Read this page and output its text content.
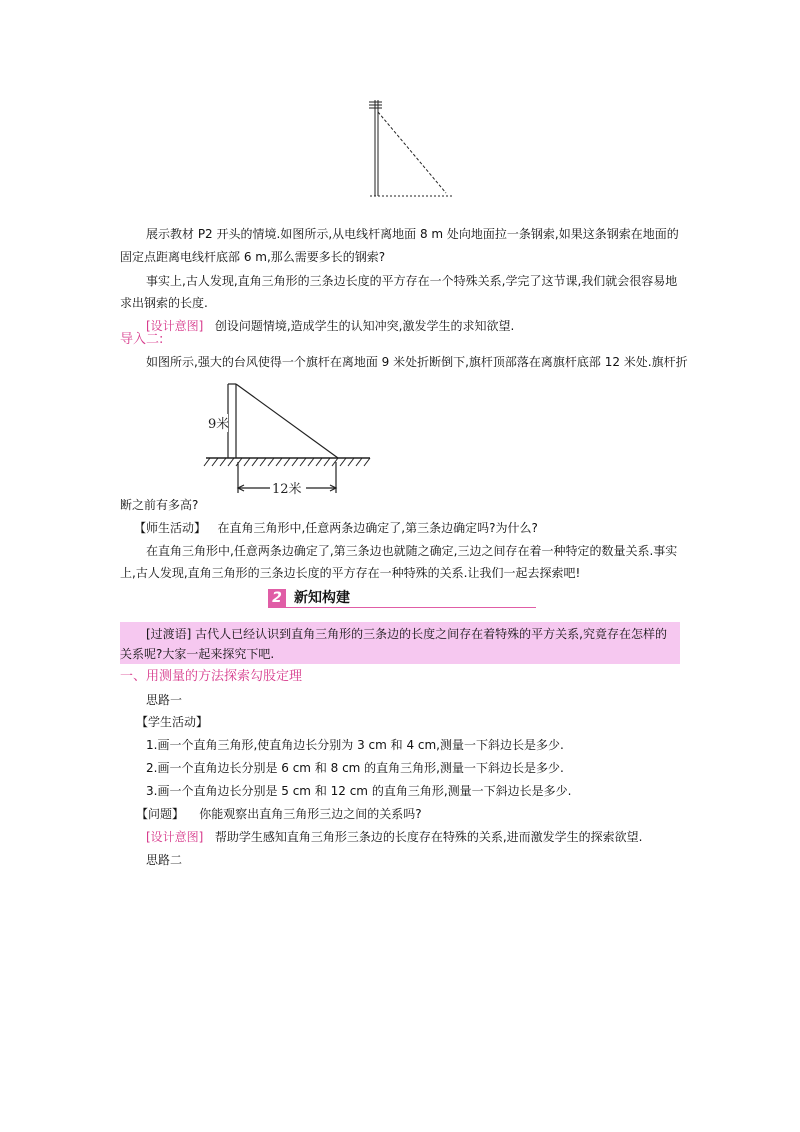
展示教材 P2 开头的情境.如图所示,从电线杆离地面 8 m 处向地面拉一条钢索,如果这条钢索在地面的
固定点距离电线杆底部 6 m,那么需要多长的钢索?
事实上,古人发现,直角三角形的三条边长度的平方存在一个特殊关系,学完了这节课,我们就会很容易地
求出钢索的长度.
[设计意图] 创设问题情境,造成学生的认知冲突,激发学生的求知欲望.
导入二:
如图所示,强大的台风使得一个旗杆在离地面 9 米处折断倒下,旗杆顶部落在离旗杆底部 12 米处.旗杆折
9米
12米
断之前有多高?
【师生活动】 在直角三角形中,任意两条边确定了,第三条边确定吗?为什么?
在直角三角形中,任意两条边确定了,第三条边也就随之确定,三边之间存在着一种特定的数量关系.事实
上,古人发现,直角三角形的三条边长度的平方存在一种特殊的关系.让我们一起去探索吧!
2 新知构建
[过渡语] 古代人已经认识到直角三角形的三条边的长度之间存在着特殊的平方关系,究竟存在怎样的
关系呢?大家一起来探究下吧.
一、用测量的方法探索勾股定理
思路一
【学生活动】
1.画一个直角三角形,使直角边长分别为 3 cm 和 4 cm,测量一下斜边长是多少.
2.画一个直角边长分别是 6 cm 和 8 cm 的直角三角形,测量一下斜边长是多少.
3.画一个直角边长分别是 5 cm 和 12 cm 的直角三角形,测量一下斜边长是多少.
【问题】 你能观察出直角三角形三边之间的关系吗?
[设计意图] 帮助学生感知直角三角形三条边的长度存在特殊的关系,进而激发学生的探索欲望.
思路二
